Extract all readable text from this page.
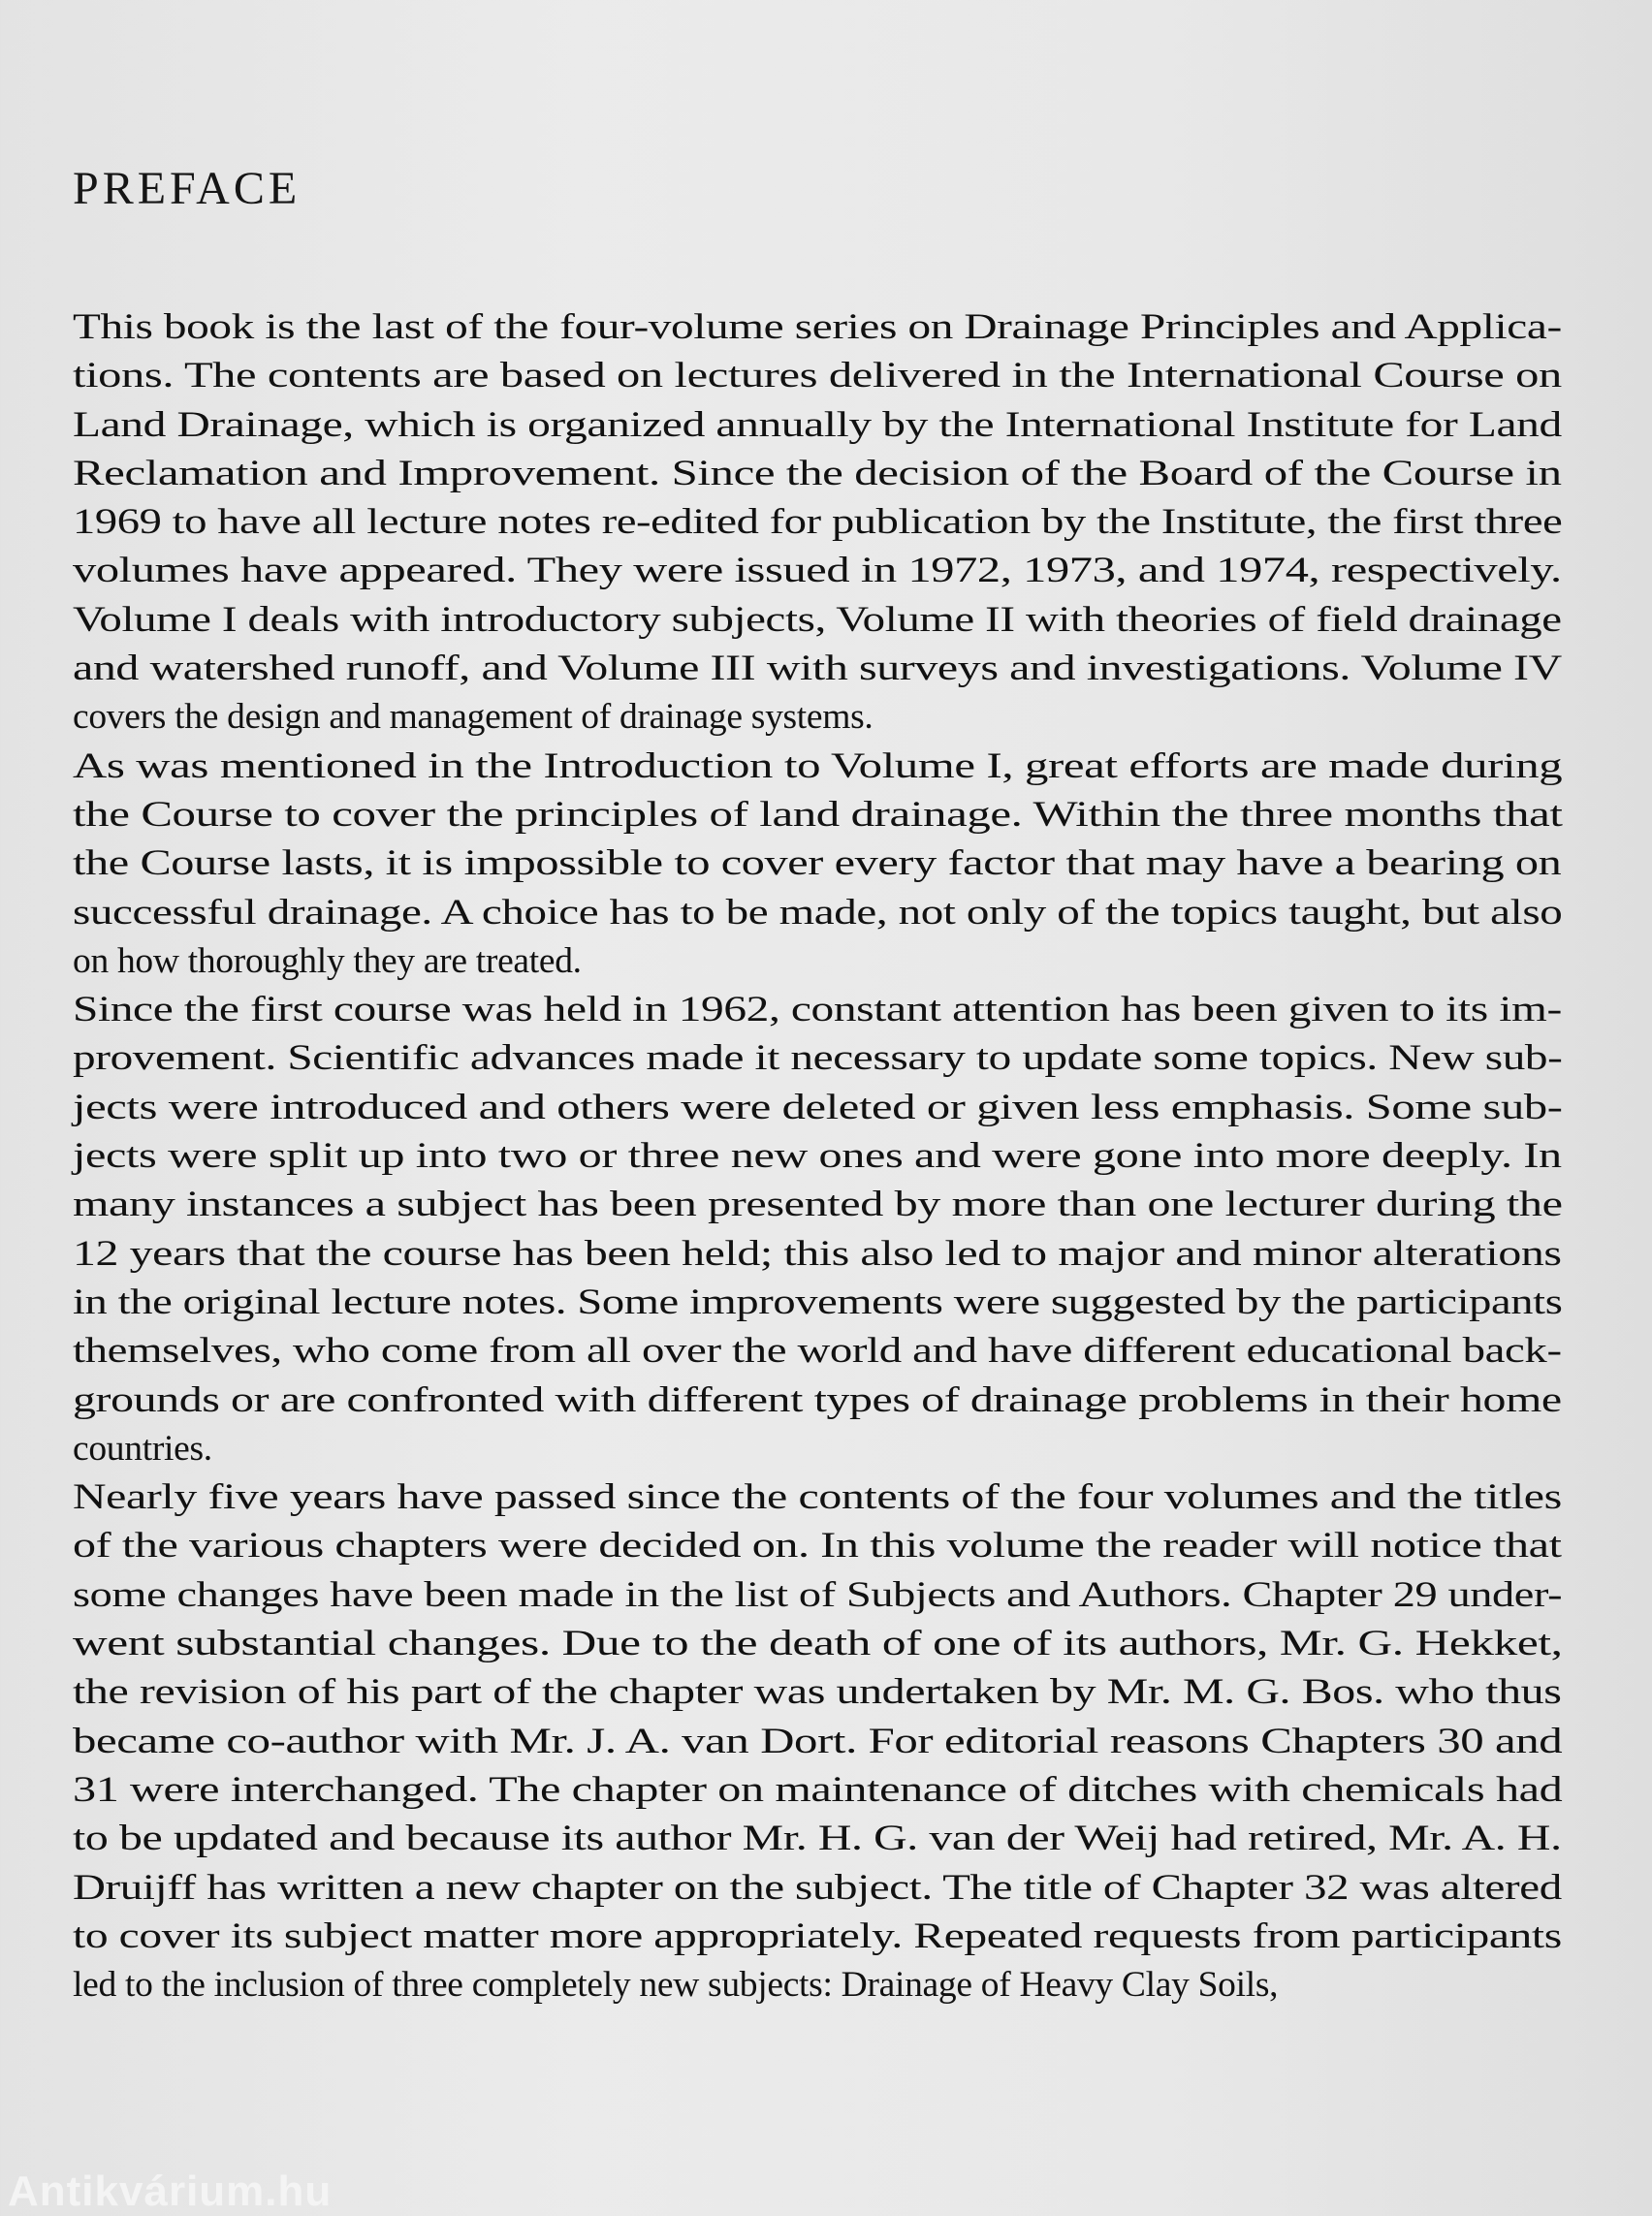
PREFACE
This book is the last of the four-volume series on Drainage Principles and Applica-
tions. The contents are based on lectures delivered in the International Course on
Land Drainage, which is organized annually by the International Institute for Land
Reclamation and Improvement. Since the decision of the Board of the Course in
1969 to have all lecture notes re-edited for publication by the Institute, the first three
volumes have appeared. They were issued in 1972, 1973, and 1974, respectively.
Volume I deals with introductory subjects, Volume II with theories of field drainage
and watershed runoff, and Volume III with surveys and investigations. Volume IV
covers the design and management of drainage systems.
As was mentioned in the Introduction to Volume I, great efforts are made during
the Course to cover the principles of land drainage. Within the three months that
the Course lasts, it is impossible to cover every factor that may have a bearing on
successful drainage. A choice has to be made, not only of the topics taught, but also
on how thoroughly they are treated.
Since the first course was held in 1962, constant attention has been given to its im-
provement. Scientific advances made it necessary to update some topics. New sub-
jects were introduced and others were deleted or given less emphasis. Some sub-
jects were split up into two or three new ones and were gone into more deeply. In
many instances a subject has been presented by more than one lecturer during the
12 years that the course has been held; this also led to major and minor alterations
in the original lecture notes. Some improvements were suggested by the participants
themselves, who come from all over the world and have different educational back-
grounds or are confronted with different types of drainage problems in their home
countries.
Nearly five years have passed since the contents of the four volumes and the titles
of the various chapters were decided on. In this volume the reader will notice that
some changes have been made in the list of Subjects and Authors. Chapter 29 under-
went substantial changes. Due to the death of one of its authors, Mr. G. Hekket,
the revision of his part of the chapter was undertaken by Mr. M. G. Bos. who thus
became co-author with Mr. J. A. van Dort. For editorial reasons Chapters 30 and
31 were interchanged. The chapter on maintenance of ditches with chemicals had
to be updated and because its author Mr. H. G. van der Weij had retired, Mr. A. H.
Druijff has written a new chapter on the subject. The title of Chapter 32 was altered
to cover its subject matter more appropriately. Repeated requests from participants
led to the inclusion of three completely new subjects: Drainage of Heavy Clay Soils,
Antikvárium.hu
